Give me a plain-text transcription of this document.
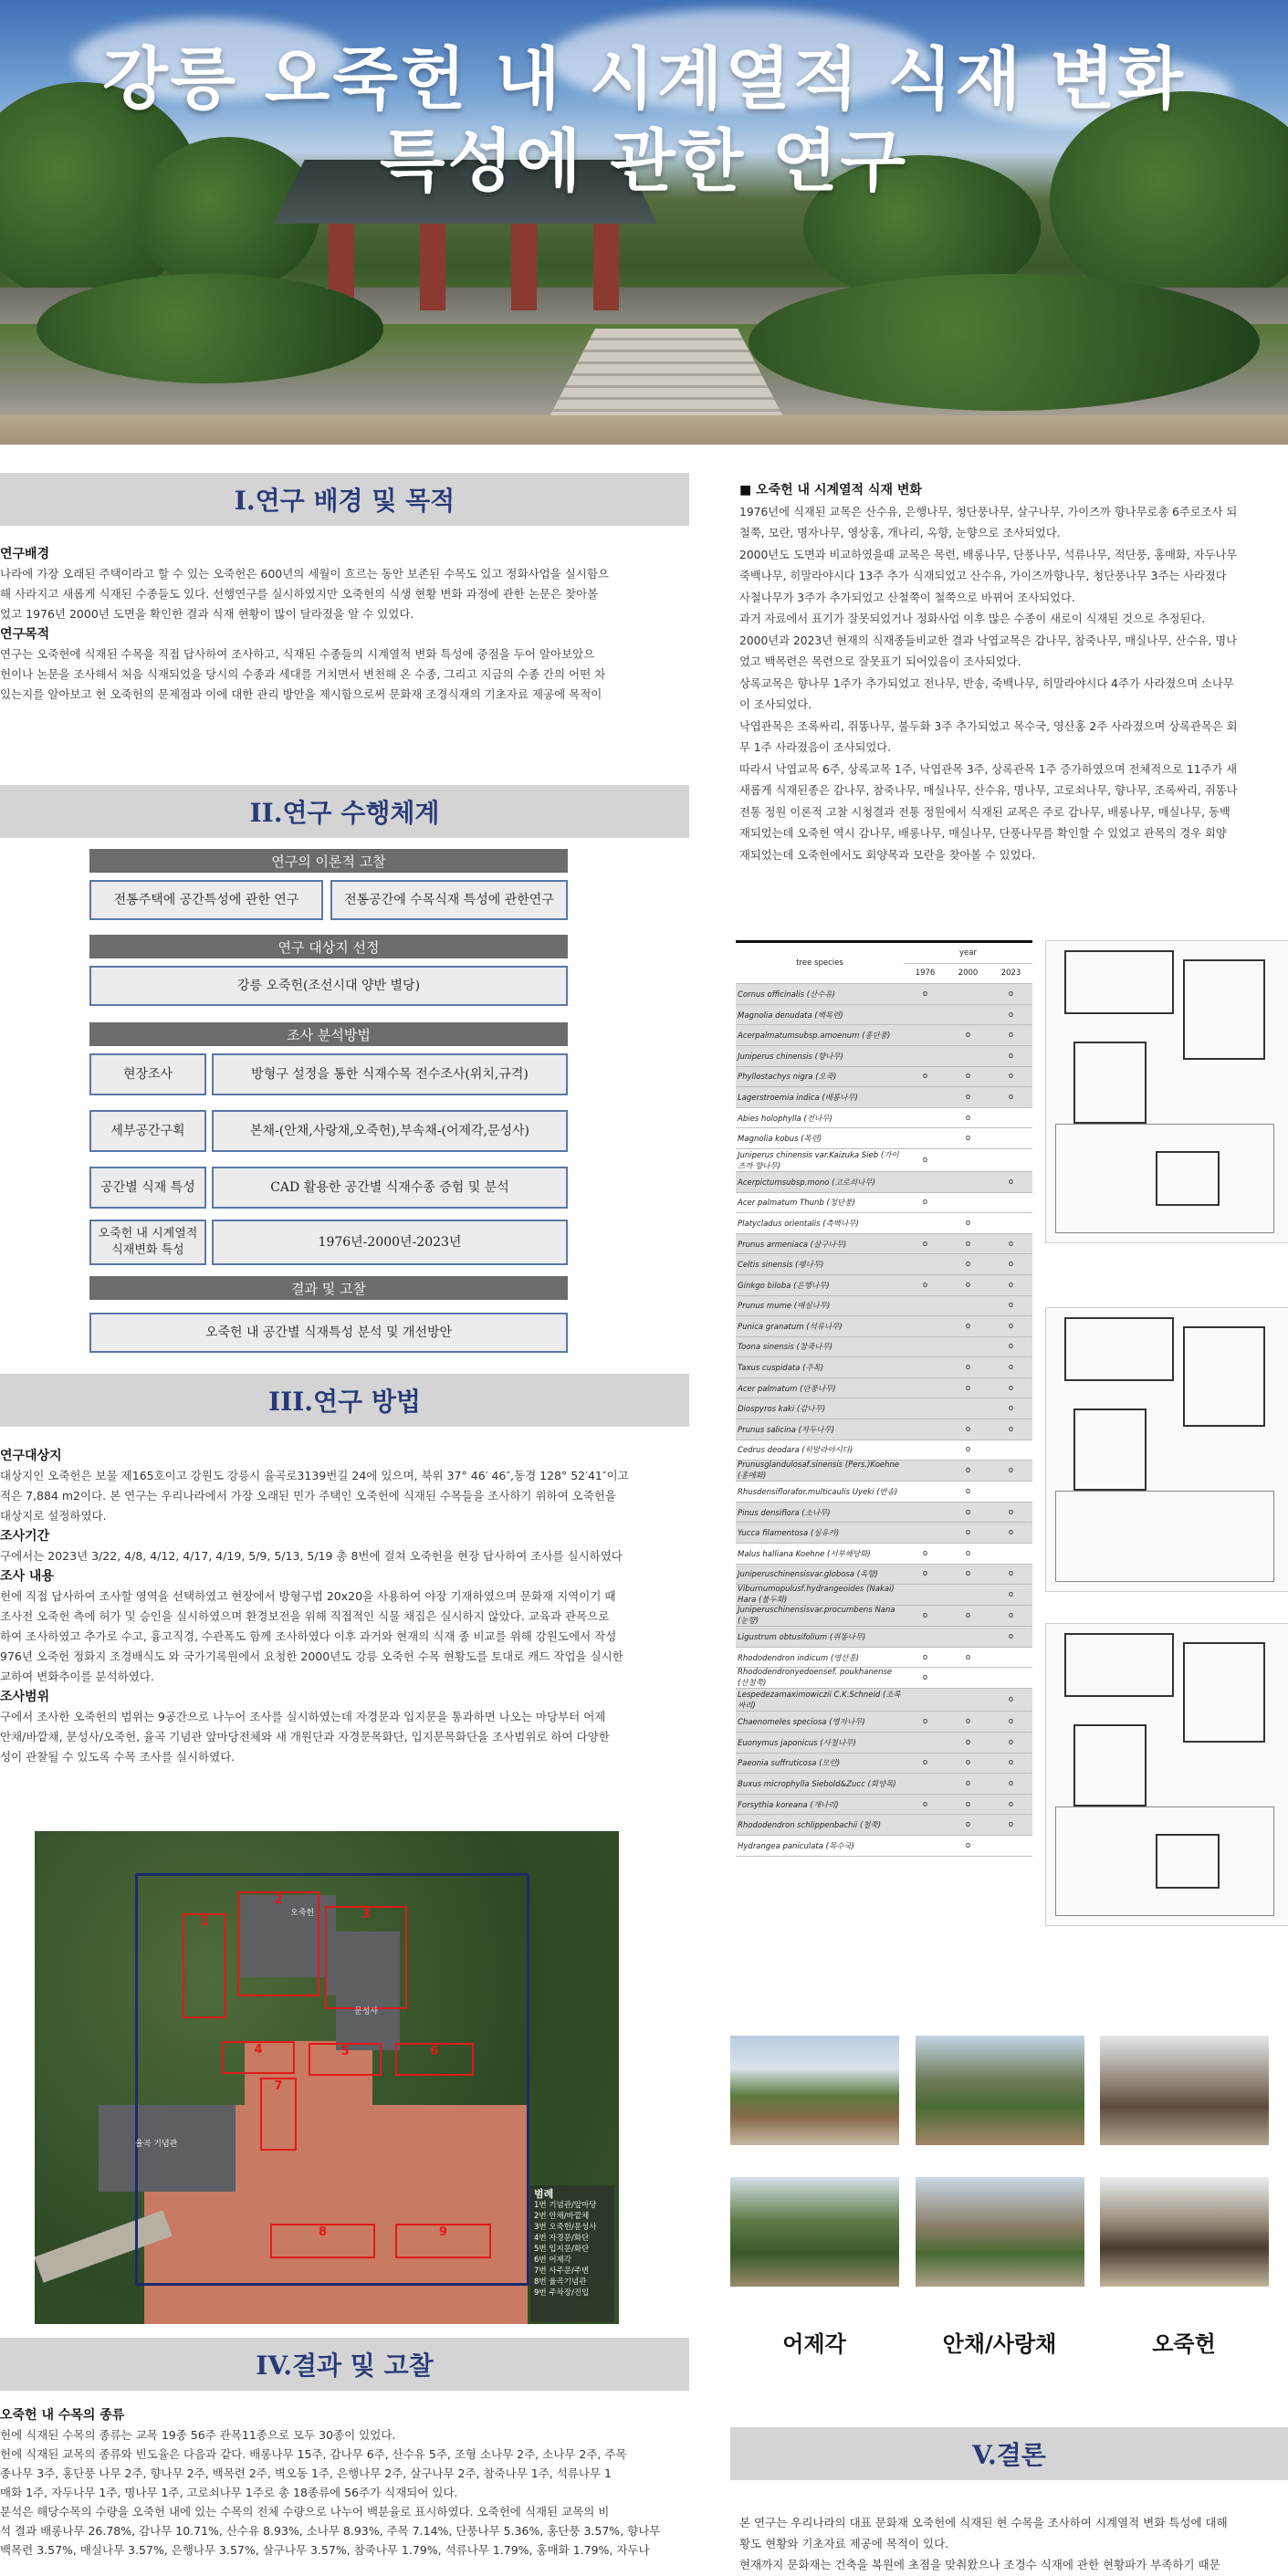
강릉 오죽헌 내 시계열적 식재 변화
특성에 관한 연구
I.연구 배경 및 목적

연구배경

나라에 가장 오래된 주택이라고 할 수 있는 오죽헌은 600년의 세월이 흐르는 동안 보존된 수목도 있고 정화사업을 실시함으

해 사라지고 새롭게 식재된 수종들도 있다. 선행연구를 실시하였지만 오죽헌의 식생 현황 변화 과정에 관한 논문은 찾아볼

었고 1976년 2000년 도면을 확인한 결과 식재 현황이 많이 달라졌을 알 수 있었다.

연구목적

연구는 오죽헌에 식재된 수목을 직접 답사하여 조사하고, 식재된 수종들의 시계열적 변화 특성에 중점을 두어 알아보았으

헌이나 논문을 조사해서 처음 식재되었을 당시의 수종과 세대를 거치면서 변천해 온 수종, 그리고 지금의 수종 간의 어떤 차

있는지를 알아보고 현 오죽헌의 문제점과 이에 대한 관리 방안을 제시함으로써 문화재 조경식재의 기초자료 제공에 목적이

II.연구 수행체계
연구의 이론적 고찰
전통주택에 공간특성에 관한 연구	전통공간에 수목식재 특성에 관한연구
연구 대상지 선정
강릉 오죽헌(조선시대 양반 별당)
조사 분석방법
현장조사	방형구 설정을 통한 식재수목 전수조사(위치,규격)
세부공간구획	본채-(안채,사랑채,오죽헌),부속채-(어제각,문성사)
공간별 식재 특성	CAD 활용한 공간별 식재수종 증험 및 분석
오죽헌 내 시계열적 식재변화 특성
1976년-2000년-2023년
결과 및 고찰
오죽헌 내 공간별 식재특성 분석 및 개선방안
III.연구 방법

연구대상지

대상지인 오죽헌은 보물 제165호이고 강원도 강릉시 율곡로3139번길 24에 있으며, 북위 37° 46′ 46″,동경 128° 52′41″이고

적은 7,884 m2이다. 본 연구는 우리나라에서 가장 오래된 민가 주택인 오죽헌에 식재된 수목들을 조사하기 위하여 오죽헌을

대상지로 설정하였다.

조사기간

구에서는 2023년 3/22, 4/8, 4/12, 4/17, 4/19, 5/9, 5/13, 5/19 총 8번에 걸쳐 오죽헌을 현장 답사하여 조사를 실시하였다

조사 내용

헌에 직접 답사하여 조사할 영역을 선택하였고 현장에서 방형구법 20x20을 사용하여 야장 기재하였으며 문화재 지역이기 때

조사전 오죽헌 측에 허가 및 승인을 실시하였으며 환경보전을 위해 직접적인 식물 채집은 실시하지 않았다. 교육과 관목으로

하여 조사하였고 추가로 수고, 흉고직경, 수관폭도 함께 조사하였다 이후 과거와 현재의 식재 종 비교를 위해 강원도에서 작성

976년 오죽헌 정화지 조경배식도 와 국가기록원에서 요청한 2000년도 강릉 오죽헌 수목 현황도를 토대로 캐드 작업을 실시한

교하여 변화추이를 분석하였다.

조사범위

구에서 조사한 오죽헌의 범위는 9공간으로 나누어 조사를 실시하였는데 자경문과 입지문을 통과하면 나오는 마당부터 어제

안채/바깥채, 문성사/오죽헌, 율곡 기념관 앞마당전체와 새 개원단과 자경문목화단, 입지문목화단을 조사범위로 하여 다양한

성이 관찰될 수 있도록 수목 조사를 실시하였다.

1
2
3
4	5	6
7
8	9
오죽헌
문성사
율곡 기념관
범례
1번 기념관/앞마당
2번 안채/바깥채
3번 오죽헌/문성사
4번 자경문/화단
5번 입지문/화단
6번 어제각
7번 사주문/주변
8번 율곡기념관
9번 주차장/진입
IV.결과 및 고찰

오죽헌 내 수목의 종류

헌에 식재된 수목의 종류는 교목 19종 56주 관목11종으로 모두 30종이 있었다.

헌에 식재된 교목의 종류와 빈도율은 다음과 같다. 배롱나무 15주, 감나무 6주, 산수유 5주, 조형 소나무 2주, 소나무 2주, 주목

종나무 3주, 홍단풍 나무 2주, 향나무 2주, 백목련 2주, 벽오동 1주, 은행나무 2주, 살구나무 2주, 참죽나무 1주, 석류나무 1

매화 1주, 자두나무 1주, 명나무 1주, 고로쇠나무 1주로 총 18종류에 56주가 식재되어 있다.

분석은 해당수목의 수량을 오죽헌 내에 있는 수목의 전체 수량으로 나누어 백분율로 표시하였다. 오죽헌에 식재된 교목의 비

석 결과 배롱나무 26.78%, 감나무 10.71%, 산수유 8.93%, 소나무 8.93%, 주목 7.14%, 단풍나무 5.36%, 홍단풍 3.57%, 향나무

백목련 3.57%, 매실나무 3.57%, 은행나무 3.57%, 살구나무 3.57%, 참죽나무 1.79%, 석류나무 1.79%, 홍매화 1.79%, 자두나

■ 오죽헌 내 시계열적 식재 변화

1976년에 식재된 교목은 산수유, 은행나무, 청단풍나무, 살구나무, 가이즈까 향나무로총 6주로조사 되

철쭉, 모란, 명자나무, 영상홍, 개나리, 옥향, 눈향으로 조사되었다.

2000년도 도면과 비교하였을때 교목은 목련, 배롱나무, 단풍나무, 석류나무, 적단풍, 홍매화, 자두나무

죽백나무, 히말라야시다 13주 추가 식재되었고 산수유, 가이즈까향나무, 청단풍나무 3주는 사라졌다

사철나무가 3주가 추가되었고 산철쭉이 철쭉으로 바뀌어 조사되었다.

과거 자료에서 표기가 잘못되었거나 정화사업 이후 많은 수종이 새로이 식재된 것으로 추정된다.

2000년과 2023년 현재의 식재종들비교한 결과 낙엽교목은 감나무, 참죽나무, 매실나무, 산수유, 명나

었고 백목련은 목련으로 잘못표기 되어있음이 조사되었다.

상록교목은 향나무 1주가 추가되었고 전나무, 반송, 죽백나무, 히말라야시다 4주가 사라졌으며 소나무

이 조사되었다.

낙엽관목은 조록싸리, 쥐똥나무, 불두화 3주 추가되었고 목수국, 영산홍 2주 사라졌으며 상록관목은 회

무 1주 사라졌음이 조사되었다.

따라서 낙엽교목 6주, 상록교목 1주, 낙엽관목 3주, 상록관목 1주 증가하였으며 전체적으로 11주가 새

새롭게 식재된종은 감나무, 참죽나무, 매실나무, 산수유, 명나무, 고로쇠나무, 향나무, 조록싸리, 쥐똥나

전통 정원 이론적 고찰 시청결과 전통 정원에서 식재된 교목은 주로 감나무, 배롱나무, 매실나무, 동백

재되었는데 오죽헌 역시 감나무, 배롱나무, 매실나무, 단풍나무를 확인할 수 있었고 관목의 경우 회양

재되었는데 오죽헌에서도 회양목과 모란을 찾아볼 수 있었다.

tree species	year		
	1976	2000	2023
Cornus officinalis (산수유)	o		o
Magnolia denudata (백목련)			o
Acerpalmatumsubsp.amoenum (홍단풍)		o	o
Juniperus chinensis (향나무)			o
Phyllostachys nigra (오죽)	o	o	o
Lagerstroemia indica (배롱나무)		o	o
Abies holophylla (전나무)		o	
Magnolia kobus (목련)		o	
Juniperus chinensis var.Kaizuka Sieb (가이즈까 향나무)	o		
Acerpictumsubsp.mono (고로쇠나무)			o
Acer palmatum Thunb (청단풍)	o		
Platycladus orientalis (측백나무)		o	
Prunus armeniaca (살구나무)	o	o	o
Celtis sinensis (팽나무)		o	o
Ginkgo biloba (은행나무)	o	o	o
Prunus mume (매실나무)			o
Punica granatum (석류나무)		o	o
Toona sinensis (참죽나무)			o
Taxus cuspidata (주목)		o	o
Acer palmatum (단풍나무)		o	o
Diospyros kaki (감나무)			o
Prunus salicina (자두나무)		o	o
Cedrus deodara (히말라야시다)		o	
Prunusglandulosaf.sinensis (Pers.)Koehne (홍매화)		o	o
Rhusdensiflorafor.multicaulis Uyeki (반송)		o	
Pinus densiflora (소나무)		o	o
Yucca filamentosa (실유카)		o	o
Malus halliana Koehne (서부해당화)	o	o	
Juniperuschinensisvar.globosa (옥향)	o	o	o
Viburnumopulusf.hydrangeoides (Nakai) Hara (불두화)			o
Juniperuschinensisvar.procumbens Nana (눈향)	o	o	o
Ligustrum obtusifolium (쥐똥나무)			o
Rhododendron indicum (영산홍)	o	o	
Rhododendronyedoensef. poukhanense (산철쭉)	o		
Lespedezamaximowiczii C.K.Schneid (조록싸리)			o
Chaenomeles speciosa (명자나무)	o	o	o
Euonymus japonicus (사철나무)		o	o
Paeonia suffruticosa (모란)	o	o	o
Buxus microphylla Siebold&Zucc (회양목)		o	o
Forsythia koreana (개나리)	o	o	o
Rhododendron schlippenbachii (철쭉)		o	o
Hydrangea paniculata (목수국)		o	
어제각	안채/사랑채	오죽헌
V.결론

본 연구는 우리나라의 대표 문화재 오죽헌에 식재된 현 수목을 조사하여 시계열적 변화 특성에 대해

황도 현황와 기초자료 제공에 목적이 있다.

현재까지 문화재는 건축을 복원에 초점을 맞춰왔으나 조경수 식재에 관한 현황파가 부족하기 때문
